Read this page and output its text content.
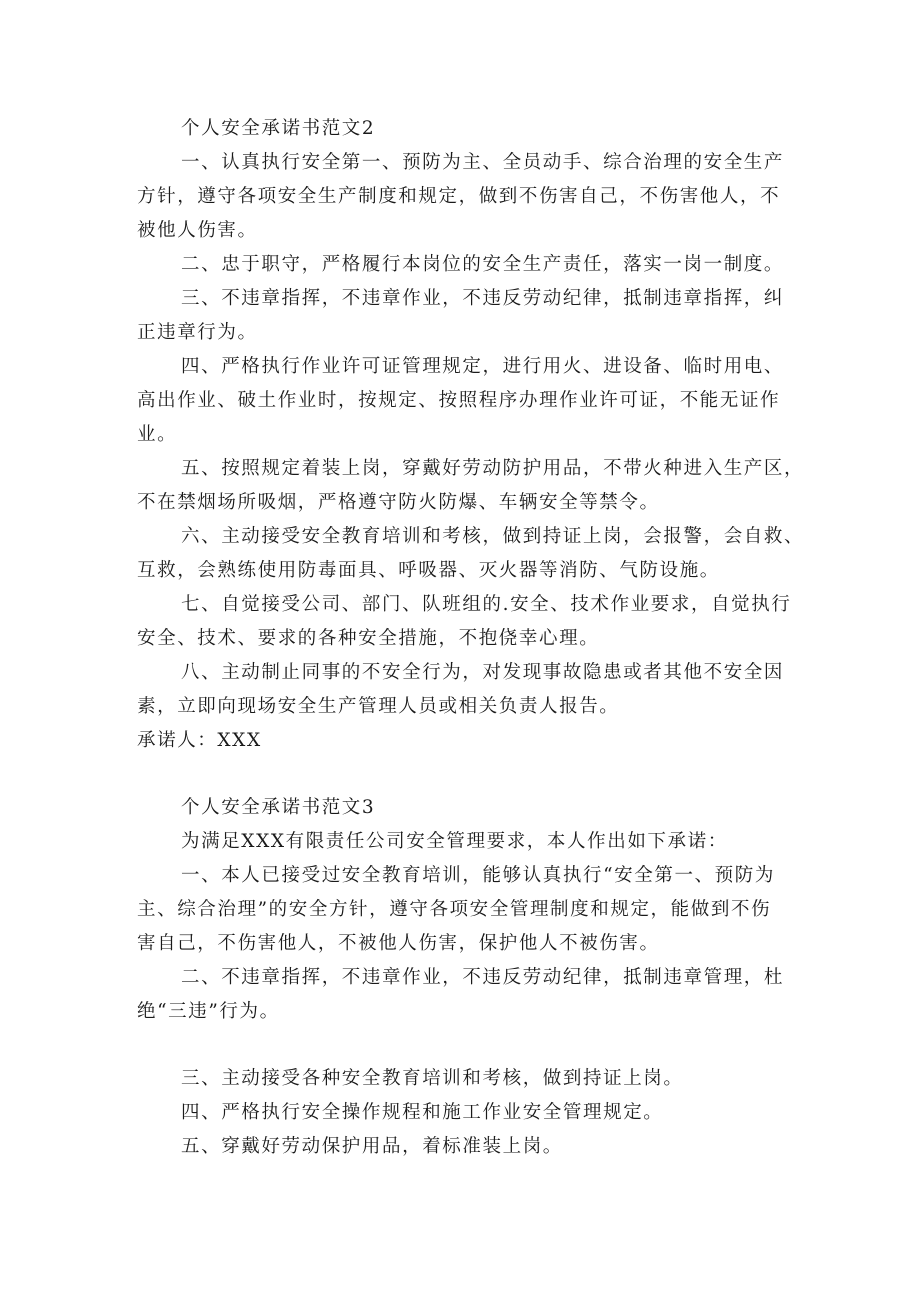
个人安全承诺书范文2

一、认真执行安全第一、预防为主、全员动手、综合治理的安全生产

方针，遵守各项安全生产制度和规定，做到不伤害自己，不伤害他人，不

被他人伤害。

二、忠于职守，严格履行本岗位的安全生产责任，落实一岗一制度。

三、不违章指挥，不违章作业，不违反劳动纪律，抵制违章指挥，纠

正违章行为。

四、严格执行作业许可证管理规定，进行用火、进设备、临时用电、

高出作业、破土作业时，按规定、按照程序办理作业许可证，不能无证作

业。

五、按照规定着装上岗，穿戴好劳动防护用品，不带火种进入生产区，

不在禁烟场所吸烟，严格遵守防火防爆、车辆安全等禁令。

六、主动接受安全教育培训和考核，做到持证上岗，会报警，会自救、

互救，会熟练使用防毒面具、呼吸器、灭火器等消防、气防设施。

七、自觉接受公司、部门、队班组的.安全、技术作业要求，自觉执行

安全、技术、要求的各种安全措施，不抱侥幸心理。

八、主动制止同事的不安全行为，对发现事故隐患或者其他不安全因

素，立即向现场安全生产管理人员或相关负责人报告。

承诺人：XXX

个人安全承诺书范文3

为满足XXX有限责任公司安全管理要求，本人作出如下承诺：

一、本人已接受过安全教育培训，能够认真执行“安全第一、预防为

主、综合治理”的安全方针，遵守各项安全管理制度和规定，能做到不伤

害自己，不伤害他人，不被他人伤害，保护他人不被伤害。

二、不违章指挥，不违章作业，不违反劳动纪律，抵制违章管理，杜

绝“三违”行为。

三、主动接受各种安全教育培训和考核，做到持证上岗。

四、严格执行安全操作规程和施工作业安全管理规定。

五、穿戴好劳动保护用品，着标准装上岗。
